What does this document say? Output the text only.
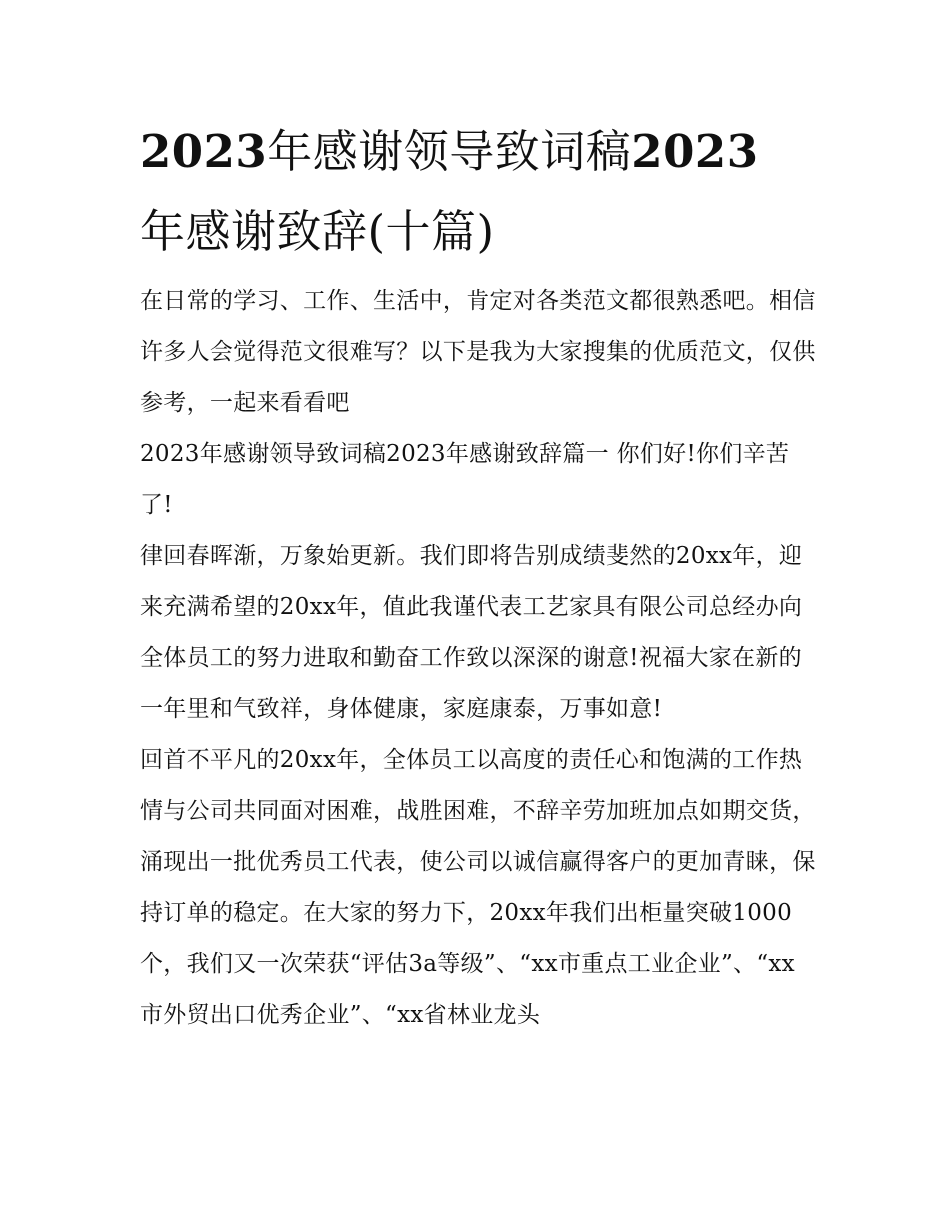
2023年感谢领导致词稿2023
年感谢致辞(十篇)

在日常的学习、工作、生活中，肯定对各类范文都很熟悉吧。相信许多人会觉得范文很难写？以下是我为大家搜集的优质范文，仅供参考，一起来看看吧

2023年感谢领导致词稿2023年感谢致辞篇一 你们好!你们辛苦了!

律回春晖渐，万象始更新。我们即将告别成绩斐然的20xx年，迎来充满希望的20xx年，值此我谨代表工艺家具有限公司总经办向全体员工的努力进取和勤奋工作致以深深的谢意!祝福大家在新的一年里和气致祥，身体健康，家庭康泰，万事如意!

回首不平凡的20xx年，全体员工以高度的责任心和饱满的工作热情与公司共同面对困难，战胜困难，不辞辛劳加班加点如期交货，涌现出一批优秀员工代表，使公司以诚信赢得客户的更加青睐，保持订单的稳定。在大家的努力下，20xx年我们出柜量突破1000个，我们又一次荣获“评估3a等级”、“xx市重点工业企业”、“xx市外贸出口优秀企业”、“xx省林业龙头
